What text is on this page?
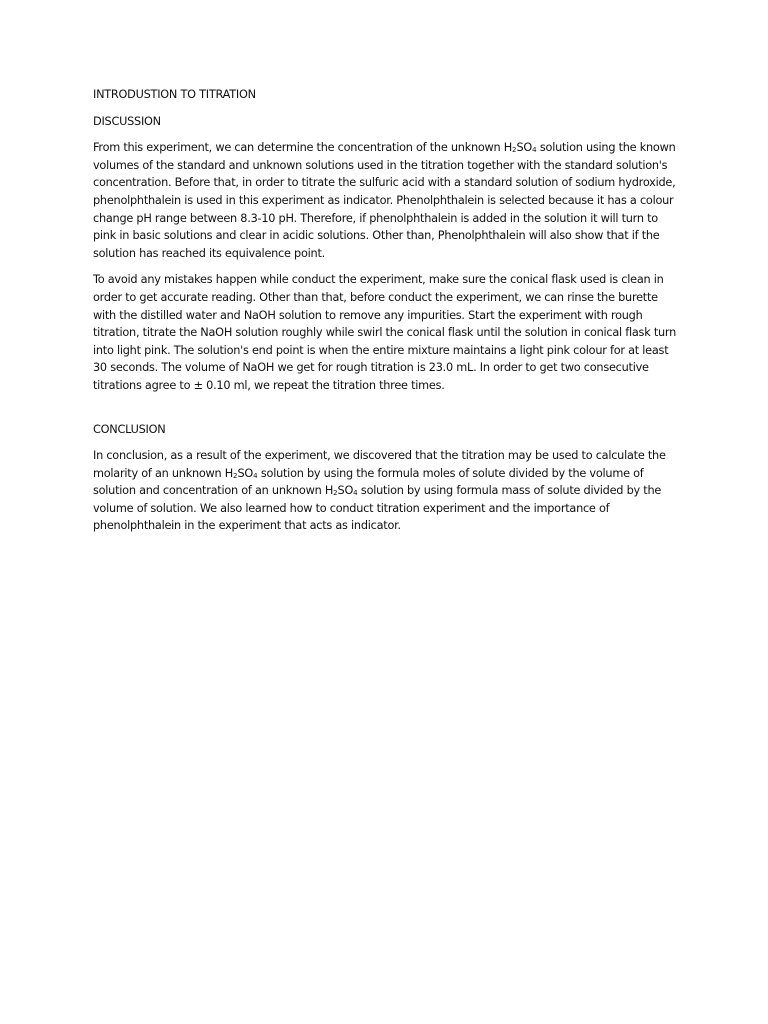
INTRODUSTION TO TITRATION
DISCUSSION

From this experiment, we can determine the concentration of the unknown $H_2SO_4$ solution using the known volumes of the standard and unknown solutions used in the titration together with the standard solution's concentration. Before that, in order to titrate the sulfuric acid with a standard solution of sodium hydroxide, phenolphthalein is used in this experiment as indicator. Phenolphthalein is selected because it has a colour change pH range between 8.3-10 pH. Therefore, if phenolphthalein is added in the solution it will turn to pink in basic solutions and clear in acidic solutions. Other than, Phenolphthalein will also show that if the solution has reached its equivalence point.

To avoid any mistakes happen while conduct the experiment, make sure the conical flask used is clean in order to get accurate reading. Other than that, before conduct the experiment, we can rinse the burette with the distilled water and NaOH solution to remove any impurities. Start the experiment with rough titration, titrate the NaOH solution roughly while swirl the conical flask until the solution in conical flask turn into light pink. The solution's end point is when the entire mixture maintains a light pink colour for at least 30 seconds. The volume of NaOH we get for rough titration is 23.0 mL. In order to get two consecutive titrations agree to ± 0.10 ml, we repeat the titration three times.

CONCLUSION

In conclusion, as a result of the experiment, we discovered that the titration may be used to calculate the molarity of an unknown $H_2SO_4$ solution by using the formula moles of solute divided by the volume of solution and concentration of an unknown $H_2SO_4$ solution by using formula mass of solute divided by the volume of solution. We also learned how to conduct titration experiment and the importance of phenolphthalein in the experiment that acts as indicator.
